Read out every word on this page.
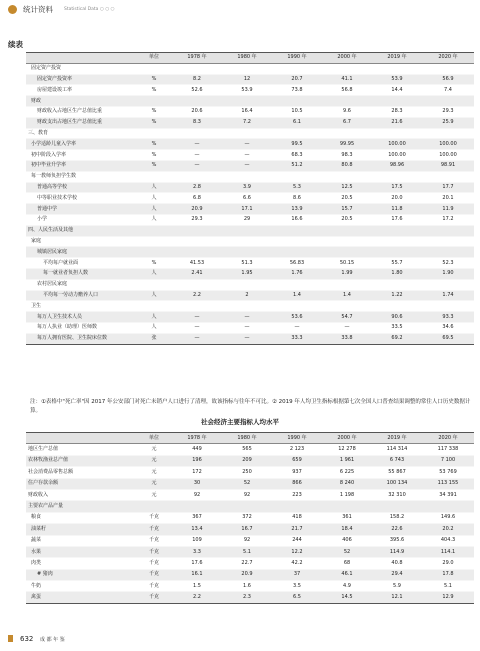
统计资料 Statistical Data ○ ○ ○
续表
	单位	1978 年	1980 年	1990 年	2000 年	2019 年	2020 年
固定资产投资							
固定资产投资率	%	8.2	12	20.7	41.1	53.9	56.9
房屋建设竣工率	%	52.6	53.9	73.8	56.8	14.4	7.4
财政							
财政收入占地区生产总值比重	%	20.6	16.4	10.5	9.6	28.3	29.3
财政支出占地区生产总值比重	%	8.3	7.2	6.1	6.7	21.6	25.9
三、教育							
小学适龄儿童入学率	%	—	—	99.5	99.95	100.00	100.00
初中阶段入学率	%	—	—	68.3	98.3	100.00	100.00
初中毕业升学率	%	—	—	51.2	80.8	98.96	98.91
每一教师负担学生数							
普通高等学校	人	2.8	3.9	5.3	12.5	17.5	17.7
中等职业技术学校	人	6.8	6.6	8.6	20.5	20.0	20.1
普通中学	人	20.9	17.1	13.9	15.7	11.8	11.9
小学	人	29.3	29	16.6	20.5	17.6	17.2
四、人民生活及其他							
家庭							
城镇居民家庭							
平均每户就业面	%	41.53	51.3	56.83	50.15	55.7	52.3
每一就业者负担人数	人	2.41	1.95	1.76	1.99	1.80	1.90
农村居民家庭							
平均每一劳动力赡养人口	人	2.2	2	1.4	1.4	1.22	1.74
卫生							
每万人卫生技术人员	人	—	—	53.6	54.7	90.6	93.3
每万人执业（助理）医师数	人	—	—	—	—	33.5	34.6
每万人拥有医院、卫生院床位数	张	—	—	33.3	33.8	69.2	69.5
注：①表格中"死亡率"因 2017 年公安部门对死亡未销户人口进行了清理，故该指标与往年不可比。② 2019 年人均卫生指标根据第七次全国人口普查结果调整的常住人口历史数据计算。
社会经济主要指标人均水平
	单位	1978 年	1980 年	1990 年	2000 年	2019 年	2020 年
地区生产总值	元	449	565	2 123	12 278	114 314	117 338
农林牧渔业总产值	元	196	209	659	1 961	6 743	7 100
社会消费品零售总额	元	172	250	937	6 225	55 867	53 769
住户存款余额	元	30	52	866	8 240	100 134	113 155
财政收入	元	92	92	223	1 198	32 310	34 391
主要农产品产量							
粮食	千克	367	372	418	361	158.2	149.6
油菜籽	千克	13.4	16.7	21.7	18.4	22.6	20.2
蔬菜	千克	109	92	244	406	395.6	404.3
水果	千克	3.3	5.1	12.2	52	114.9	114.1
肉类	千克	17.6	22.7	42.2	68	40.8	29.0
# 猪肉	千克	16.1	20.9	37	46.1	29.4	17.8
牛奶	千克	1.5	1.6	3.5	4.9	5.9	5.1
禽蛋	千克	2.2	2.3	6.5	14.5	12.1	12.9
632 成 都 年 鉴
